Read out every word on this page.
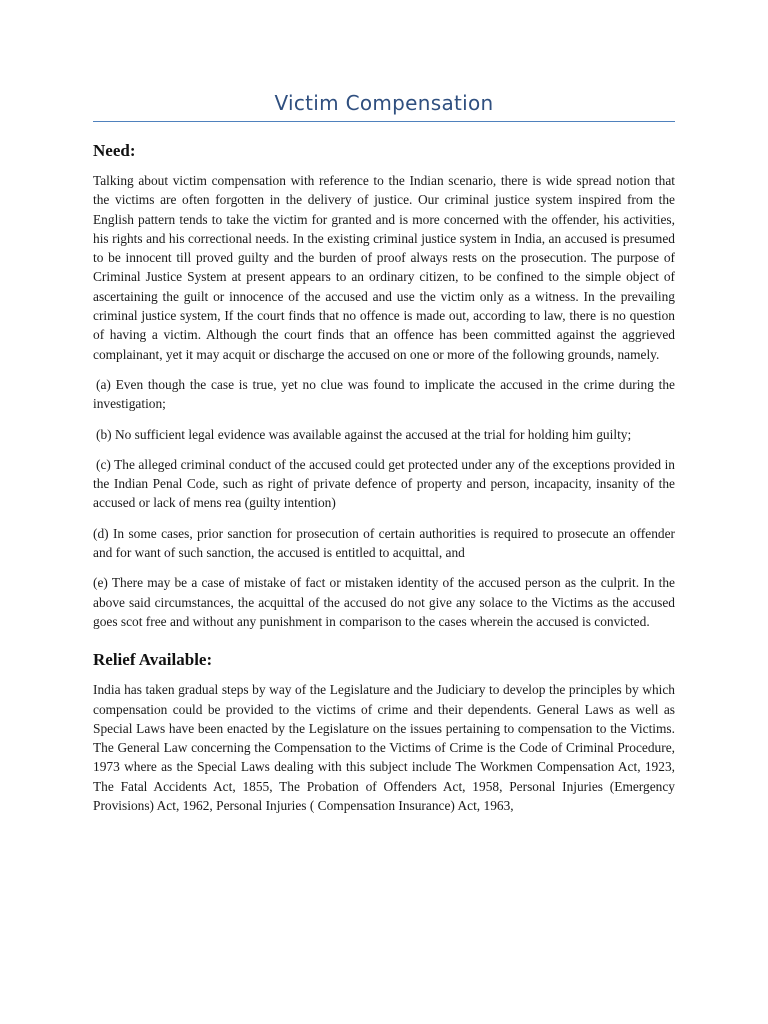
Victim Compensation
Need:

Talking about victim compensation with reference to the Indian scenario, there is wide spread notion that the victims are often forgotten in the delivery of justice. Our criminal justice system inspired from the English pattern tends to take the victim for granted and is more concerned with the offender, his activities, his rights and his correctional needs. In the existing criminal justice system in India, an accused is presumed to be innocent till proved guilty and the burden of proof always rests on the prosecution. The purpose of Criminal Justice System at present appears to an ordinary citizen, to be confined to the simple object of ascertaining the guilt or innocence of the accused and use the victim only as a witness. In the prevailing criminal justice system, If the court finds that no offence is made out, according to law, there is no question of having a victim. Although the court finds that an offence has been committed against the aggrieved complainant, yet it may acquit or discharge the accused on one or more of the following grounds, namely.

(a) Even though the case is true, yet no clue was found to implicate the accused in the crime during the investigation;

(b) No sufficient legal evidence was available against the accused at the trial for holding him guilty;

(c) The alleged criminal conduct of the accused could get protected under any of the exceptions provided in the Indian Penal Code, such as right of private defence of property and person, incapacity, insanity of the accused or lack of mens rea (guilty intention)

(d) In some cases, prior sanction for prosecution of certain authorities is required to prosecute an offender and for want of such sanction, the accused is entitled to acquittal, and

(e) There may be a case of mistake of fact or mistaken identity of the accused person as the culprit. In the above said circumstances, the acquittal of the accused do not give any solace to the Victims as the accused goes scot free and without any punishment in comparison to the cases wherein the accused is convicted.

Relief Available:

India has taken gradual steps by way of the Legislature and the Judiciary to develop the principles by which compensation could be provided to the victims of crime and their dependents. General Laws as well as Special Laws have been enacted by the Legislature on the issues pertaining to compensation to the Victims. The General Law concerning the Compensation to the Victims of Crime is the Code of Criminal Procedure, 1973 where as the Special Laws dealing with this subject include The Workmen Compensation Act, 1923, The Fatal Accidents Act, 1855, The Probation of Offenders Act, 1958, Personal Injuries (Emergency Provisions) Act, 1962, Personal Injuries ( Compensation Insurance) Act, 1963,
